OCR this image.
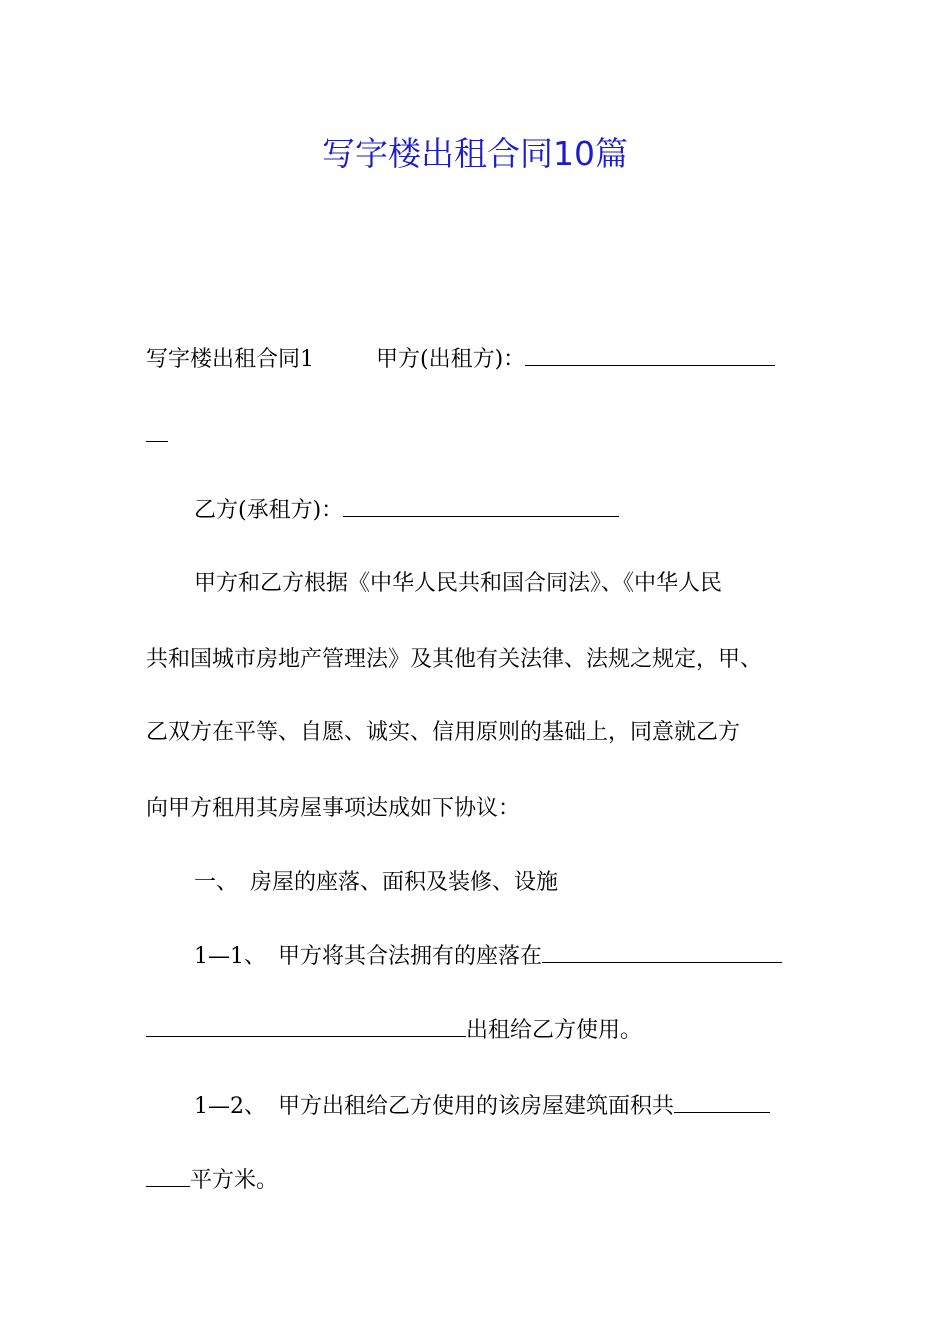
写字楼出租合同10篇
写字楼出租合同1	甲方(出租方)：
乙方(承租方)：
甲方和乙方根据《中华人民共和国合同法》、《中华人民
共和国城市房地产管理法》及其他有关法律、法规之规定，甲、
乙双方在平等、自愿、诚实、信用原则的基础上，同意就乙方
向甲方租用其房屋事项达成如下协议：
一、 房屋的座落、面积及装修、设施
1—1、 甲方将其合法拥有的座落在
出租给乙方使用。
1—2、 甲方出租给乙方使用的该房屋建筑面积共
平方米。
